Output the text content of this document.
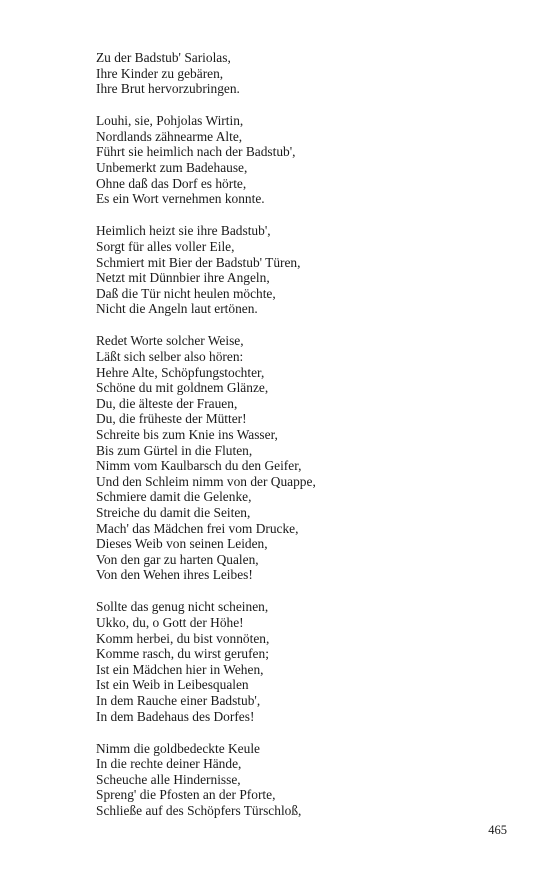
Zu der Badstub' Sariolas,
Ihre Kinder zu gebären,
Ihre Brut hervorzubringen.
Louhi, sie, Pohjolas Wirtin,
Nordlands zähnearme Alte,
Führt sie heimlich nach der Badstub',
Unbemerkt zum Badehause,
Ohne daß das Dorf es hörte,
Es ein Wort vernehmen konnte.
Heimlich heizt sie ihre Badstub',
Sorgt für alles voller Eile,
Schmiert mit Bier der Badstub' Türen,
Netzt mit Dünnbier ihre Angeln,
Daß die Tür nicht heulen möchte,
Nicht die Angeln laut ertönen.
Redet Worte solcher Weise,
Läßt sich selber also hören:
Hehre Alte, Schöpfungstochter,
Schöne du mit goldnem Glänze,
Du, die älteste der Frauen,
Du, die früheste der Mütter!
Schreite bis zum Knie ins Wasser,
Bis zum Gürtel in die Fluten,
Nimm vom Kaulbarsch du den Geifer,
Und den Schleim nimm von der Quappe,
Schmiere damit die Gelenke,
Streiche du damit die Seiten,
Mach' das Mädchen frei vom Drucke,
Dieses Weib von seinen Leiden,
Von den gar zu harten Qualen,
Von den Wehen ihres Leibes!
Sollte das genug nicht scheinen,
Ukko, du, o Gott der Höhe!
Komm herbei, du bist vonnöten,
Komme rasch, du wirst gerufen;
Ist ein Mädchen hier in Wehen,
Ist ein Weib in Leibesqualen
In dem Rauche einer Badstub',
In dem Badehaus des Dorfes!
Nimm die goldbedeckte Keule
In die rechte deiner Hände,
Scheuche alle Hindernisse,
Spreng' die Pfosten an der Pforte,
Schließe auf des Schöpfers Türschloß,
465
